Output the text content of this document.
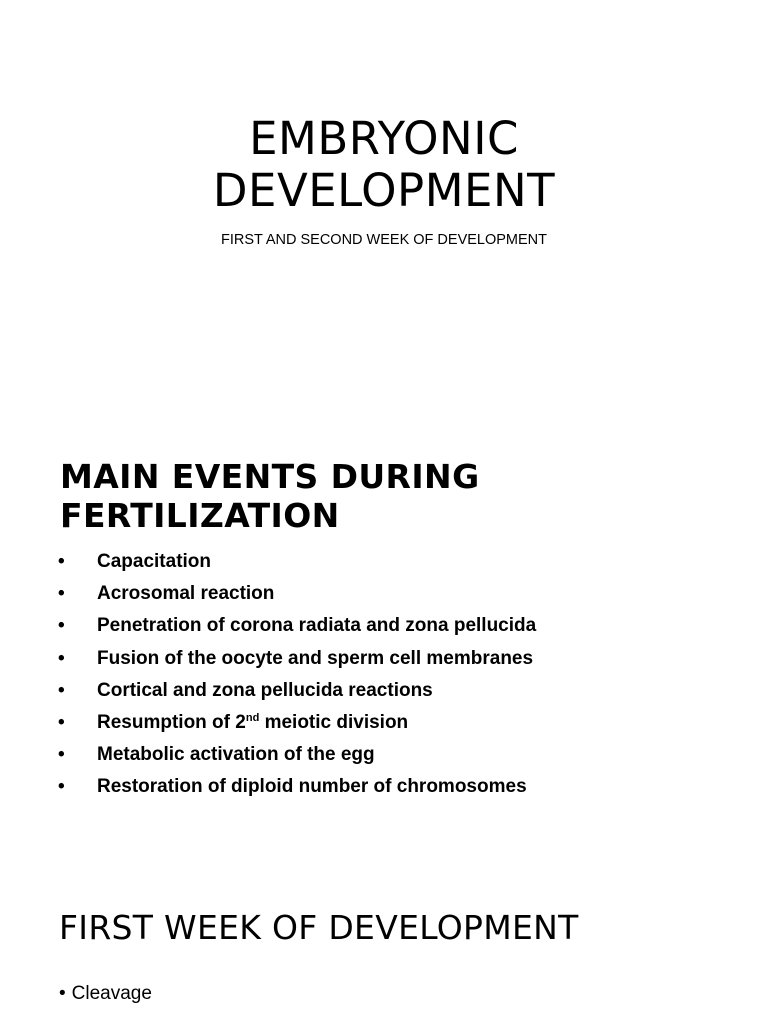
EMBRYONIC
DEVELOPMENT

FIRST AND SECOND WEEK OF DEVELOPMENT

MAIN EVENTS DURING
FERTILIZATION
• Capacitation
• Acrosomal reaction
• Penetration of corona radiata and zona pellucida
• Fusion of the oocyte and sperm cell membranes
• Cortical and zona pellucida reactions
• Resumption of 2nd meiotic division
• Metabolic activation of the egg
• Restoration of diploid number of chromosomes
FIRST WEEK OF DEVELOPMENT
• Cleavage
